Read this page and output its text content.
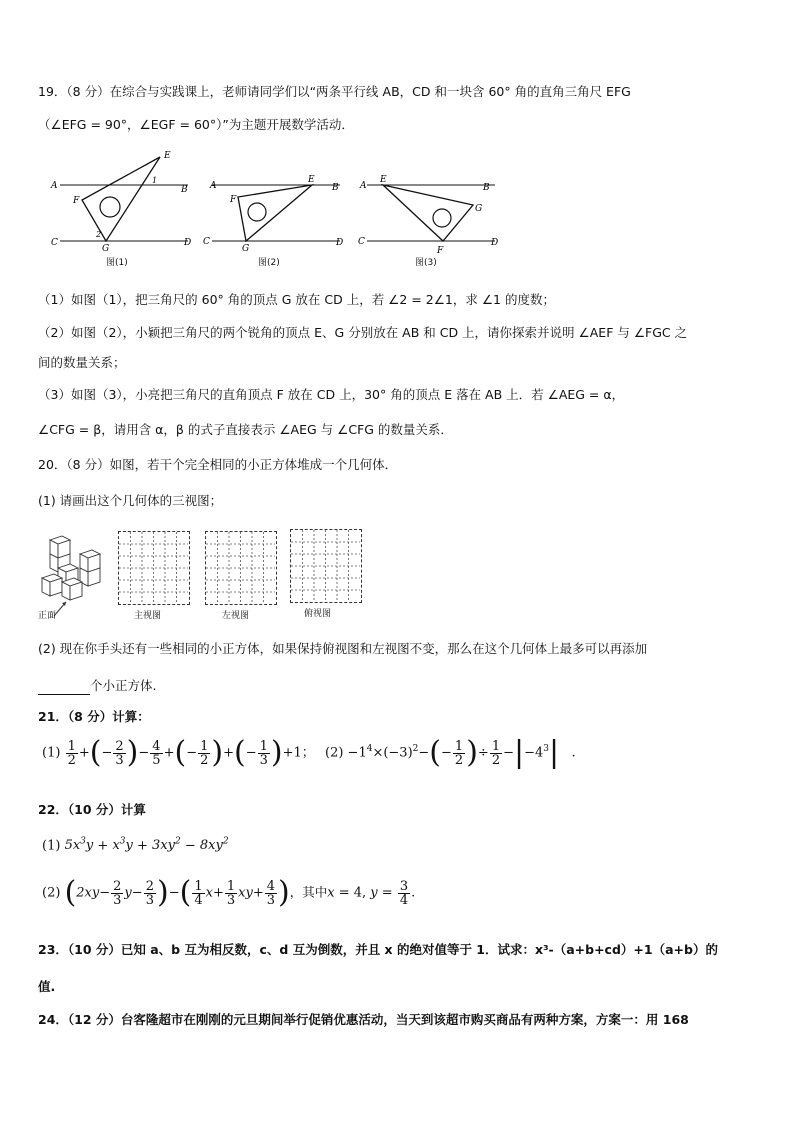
19．（8 分）在综合与实践课上，老师请同学们以“两条平行线 AB，CD 和一块含 60° 角的直角三角尺 EFG
（∠EFG = 90°，∠EGF = 60°）”为主题开展数学活动．
E
1
A	B
F
2
C
G
D
图(1)
A
E
B
F
C
G
D
图(2)
A
E
B
G
C
F
D
图(3)
（1）如图（1），把三角尺的 60° 角的顶点 G 放在 CD 上，若 ∠2 = 2∠1，求 ∠1 的度数；
（2）如图（2），小颖把三角尺的两个锐角的顶点 E、G 分别放在 AB 和 CD 上，请你探索并说明 ∠AEF 与 ∠FGC 之
间的数量关系；
（3）如图（3），小亮把三角尺的直角顶点 F 放在 CD 上，30° 角的顶点 E 落在 AB 上．若 ∠AEG = α，
∠CFG = β，请用含 α，β 的式子直接表示 ∠AEG 与 ∠CFG 的数量关系．
20．（8 分）如图，若干个完全相同的小正方体堆成一个几何体．
(1) 请画出这个几何体的三视图；
正面	主视图	左视图	俯视图
(2) 现在你手头还有一些相同的小正方体，如果保持俯视图和左视图不变，那么在这个几何体上最多可以再添加
个小正方体.
21．（8 分）计算：
$(1) \frac{1}{2}$ +(− $\frac{2}{3}$ )− $\frac{4}{5}$ +(− $\frac{1}{2}$ )+(− $\frac{1}{3} )+1$； $(2) -1^4\times(-3)^2-(- \frac{1}{2}$ )÷ $\frac{1}{2} -|-4^3|$   .
22．（10 分）计算
(1) $5x^3y + x^3y + 3xy^2 - 8xy^2$
(2) ($2xy- \frac{2}{3} y- \frac{2}{3}$ )−( $\frac{1}{4} x+ \frac{1}{3} xy+ \frac{4}{3}$ )，其中x = 4, $y = \frac{3}{4}$ .
23．（10 分）已知 a、b 互为相反数，c、d 互为倒数，并且 x 的绝对值等于 1．试求：x³-（a+b+cd）+1（a+b）的
值.
24．（12 分）台客隆超市在刚刚的元旦期间举行促销优惠活动，当天到该超市购买商品有两种方案，方案一：用 168
